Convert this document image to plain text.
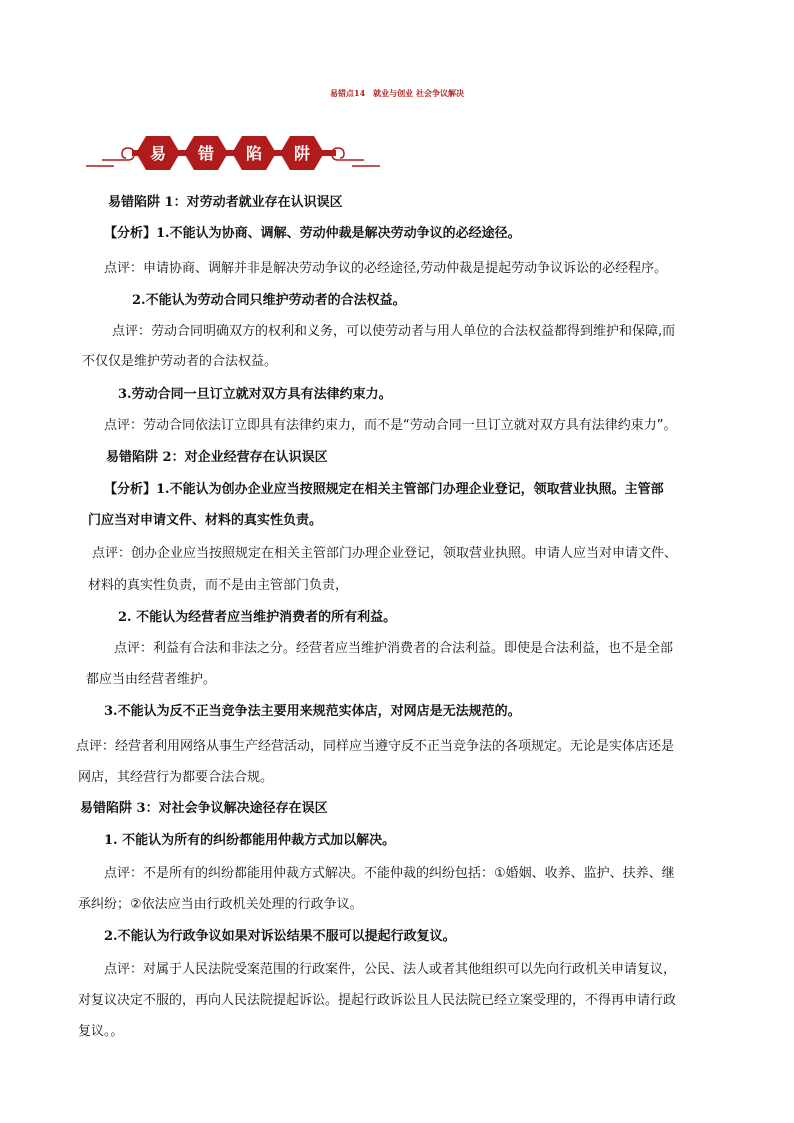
易错点14　就业与创业 社会争议解决
易 错 陷 阱
易错陷阱 1：对劳动者就业存在认识误区
【分析】1.不能认为协商、调解、劳动仲裁是解决劳动争议的必经途径。
点评：申请协商、调解并非是解决劳动争议的必经途径,劳动仲裁是提起劳动争议诉讼的必经程序。
2.不能认为劳动合同只维护劳动者的合法权益。
点评：劳动合同明确双方的权利和义务，可以使劳动者与用人单位的合法权益都得到维护和保障,而
不仅仅是维护劳动者的合法权益。
3.劳动合同一旦订立就对双方具有法律约束力。
点评：劳动合同依法订立即具有法律约束力，而不是“劳动合同一旦订立就对双方具有法律约束力”。
易错陷阱 2：对企业经营存在认识误区
【分析】1.不能认为创办企业应当按照规定在相关主管部门办理企业登记，领取营业执照。主管部
门应当对申请文件、材料的真实性负责。
点评：创办企业应当按照规定在相关主管部门办理企业登记，领取营业执照。申请人应当对申请文件、
材料的真实性负责，而不是由主管部门负责，
2. 不能认为经营者应当维护消费者的所有利益。
点评：利益有合法和非法之分。经营者应当维护消费者的合法利益。即使是合法利益，也不是全部
都应当由经营者维护。
3.不能认为反不正当竞争法主要用来规范实体店，对网店是无法规范的。
点评：经营者利用网络从事生产经营活动，同样应当遵守反不正当竞争法的各项规定。无论是实体店还是
网店，其经营行为都要合法合规。
易错陷阱 3：对社会争议解决途径存在误区
1. 不能认为所有的纠纷都能用仲裁方式加以解决。
点评：不是所有的纠纷都能用仲裁方式解决。不能仲裁的纠纷包括：①婚姻、收养、监护、扶养、继
承纠纷；②依法应当由行政机关处理的行政争议。
2.不能认为行政争议如果对诉讼结果不服可以提起行政复议。
点评：对属于人民法院受案范围的行政案件，公民、法人或者其他组织可以先向行政机关申请复议，
对复议决定不服的，再向人民法院提起诉讼。提起行政诉讼且人民法院已经立案受理的，不得再申请行政
复议。。
